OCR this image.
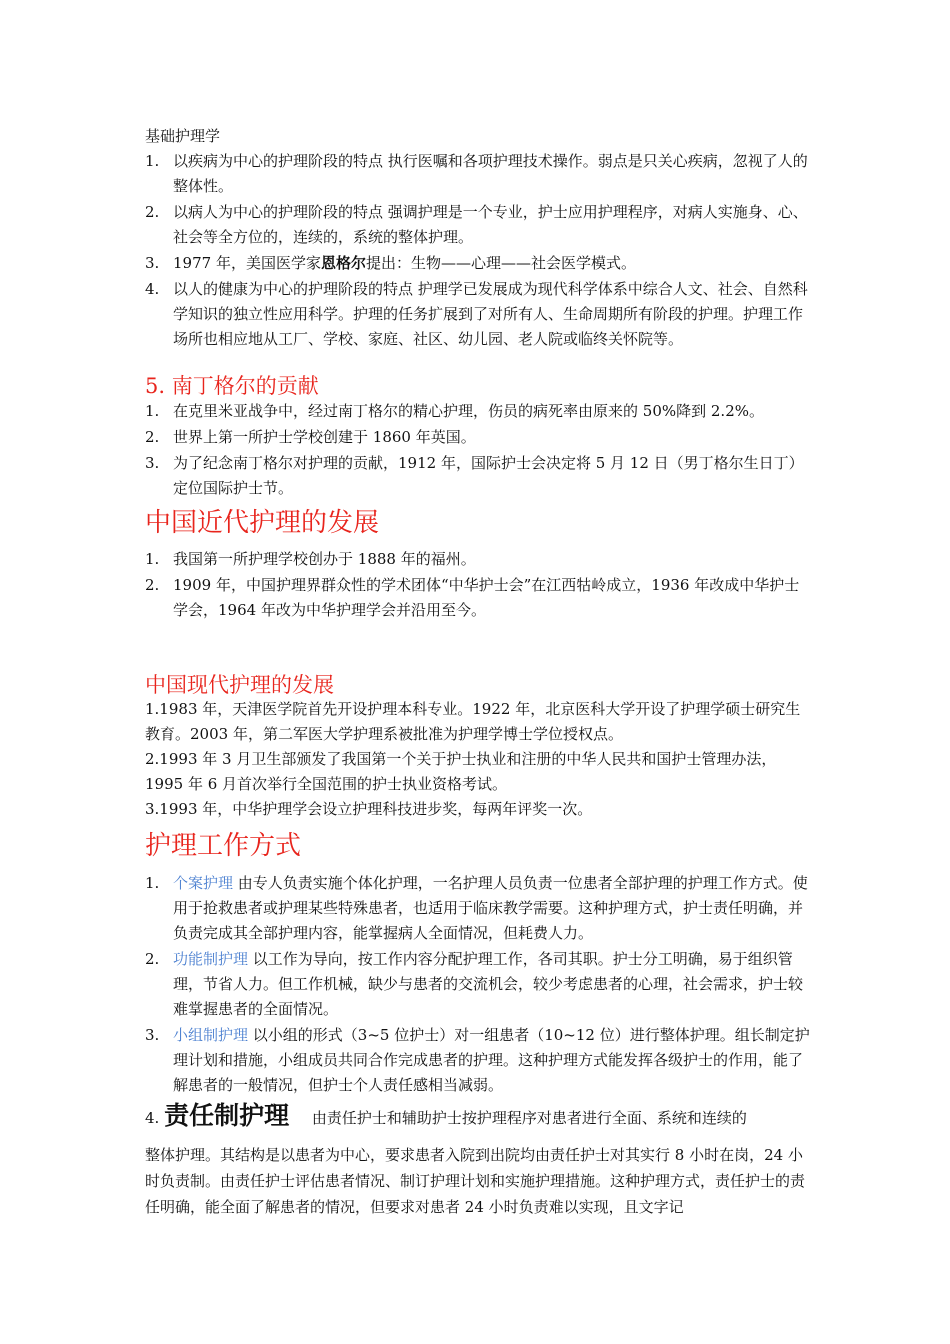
基础护理学
1. 以疾病为中心的护理阶段的特点 执行医嘱和各项护理技术操作。弱点是只关心疾病，忽视了人的整体性。
2. 以病人为中心的护理阶段的特点 强调护理是一个专业，护士应用护理程序，对病人实施身、心、社会等全方位的，连续的，系统的整体护理。
3. 1977 年，美国医学家恩格尔提出：生物——心理——社会医学模式。
4. 以人的健康为中心的护理阶段的特点 护理学已发展成为现代科学体系中综合人文、社会、自然科学知识的独立性应用科学。护理的任务扩展到了对所有人、生命周期所有阶段的护理。护理工作场所也相应地从工厂、学校、家庭、社区、幼儿园、老人院或临终关怀院等。
5. 南丁格尔的贡献
1. 在克里米亚战争中，经过南丁格尔的精心护理，伤员的病死率由原来的 50%降到 2.2%。
2. 世界上第一所护士学校创建于 1860 年英国。
3. 为了纪念南丁格尔对护理的贡献，1912 年，国际护士会决定将 5 月 12 日（男丁格尔生日丁）定位国际护士节。
中国近代护理的发展
1. 我国第一所护理学校创办于 1888 年的福州。
2. 1909 年，中国护理界群众性的学术团体“中华护士会”在江西牯岭成立，1936 年改成中华护士学会，1964 年改为中华护理学会并沿用至今。
中国现代护理的发展

1.1983 年，天津医学院首先开设护理本科专业。1922 年，北京医科大学开设了护理学硕士研究生教育。2003 年，第二军医大学护理系被批准为护理学博士学位授权点。

2.1993 年 3 月卫生部颁发了我国第一个关于护士执业和注册的中华人民共和国护士管理办法，1995 年 6 月首次举行全国范围的护士执业资格考试。

3.1993 年，中华护理学会设立护理科技进步奖，每两年评奖一次。

护理工作方式
1. 个案护理 由专人负责实施个体化护理，一名护理人员负责一位患者全部护理的护理工作方式。使用于抢救患者或护理某些特殊患者，也适用于临床教学需要。这种护理方式，护士责任明确，并负责完成其全部护理内容，能掌握病人全面情况，但耗费人力。
2. 功能制护理 以工作为导向，按工作内容分配护理工作，各司其职。护士分工明确，易于组织管理，节省人力。但工作机械，缺少与患者的交流机会，较少考虑患者的心理，社会需求，护士较难掌握患者的全面情况。
3. 小组制护理 以小组的形式（3~5 位护士）对一组患者（10~12 位）进行整体护理。组长制定护理计划和措施，小组成员共同合作完成患者的护理。这种护理方式能发挥各级护士的作用，能了解患者的一般情况，但护士个人责任感相当减弱。
4. 责任制护理 由责任护士和辅助护士按护理程序对患者进行全面、系统和连续的

整体护理。其结构是以患者为中心，要求患者入院到出院均由责任护士对其实行 8 小时在岗，24 小时负责制。由责任护士评估患者情况、制订护理计划和实施护理措施。这种护理方式，责任护士的责任明确，能全面了解患者的情况，但要求对患者 24 小时负责难以实现，且文字记
